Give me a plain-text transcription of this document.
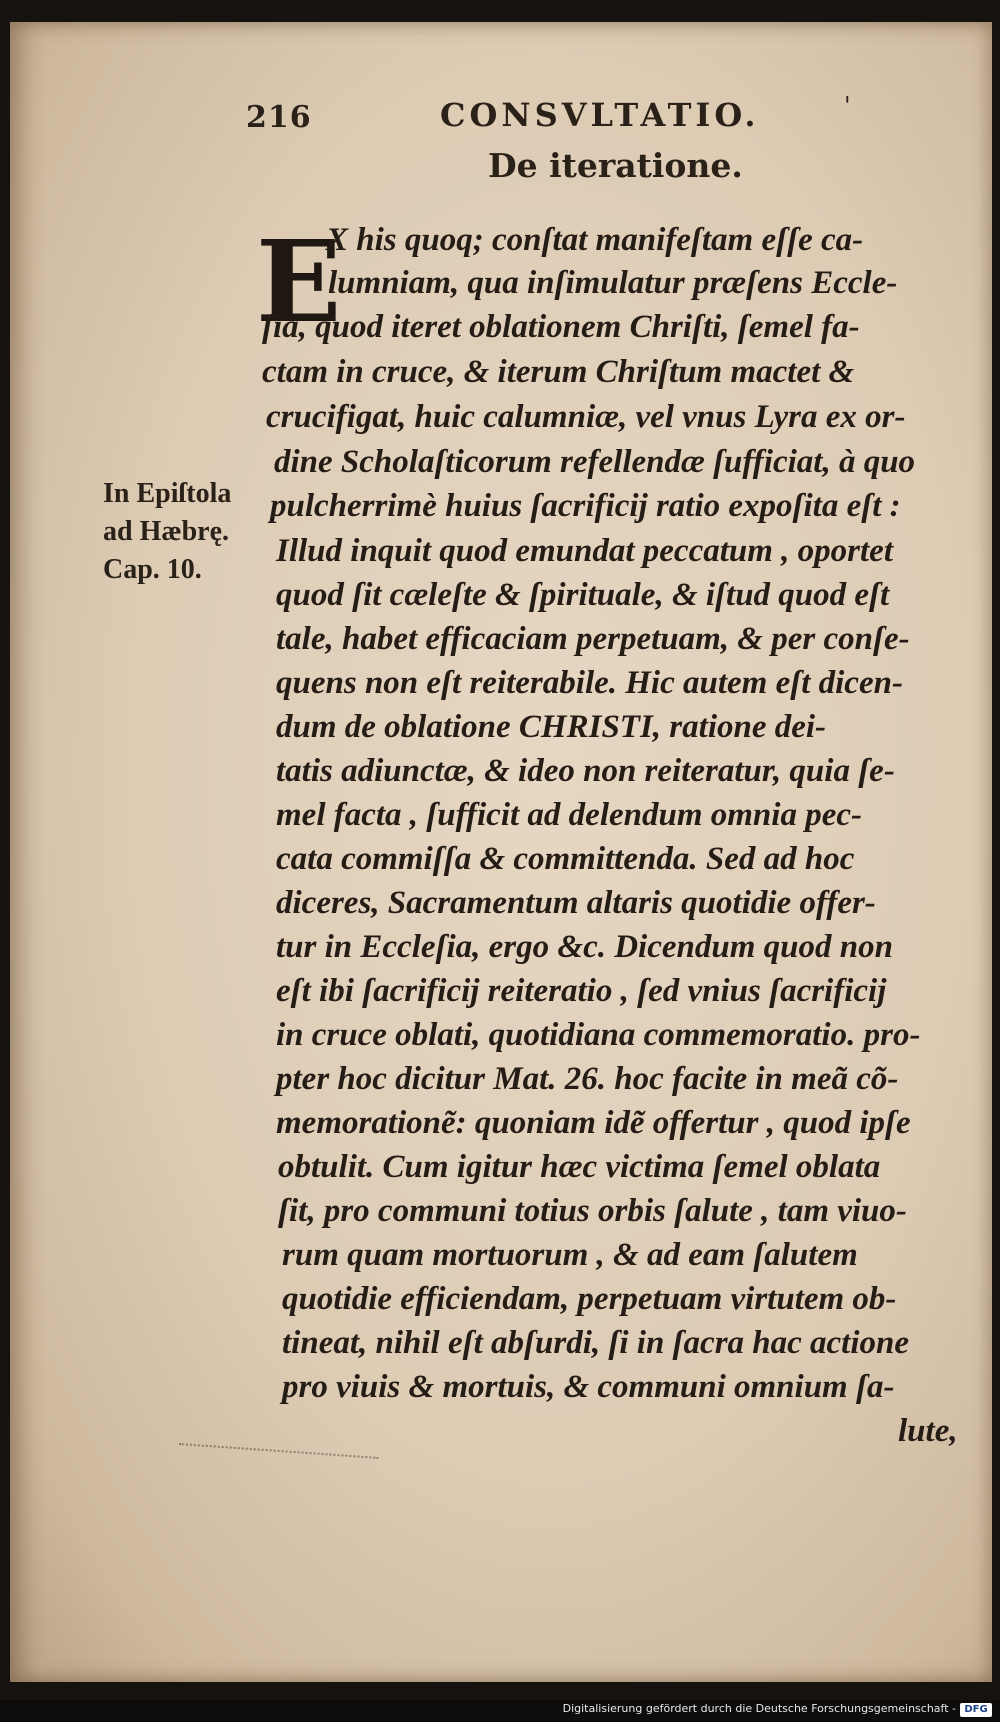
216	CONSVLTATIO.	'
De iteratione.
E
X his quoq; conſtat manifeſtam eſſe ca-
lumniam, qua inſimulatur præſens Eccle-
ſia, quod iteret oblationem Chriſti, ſemel fa-
ctam in cruce, & iterum Chriſtum mactet &
crucifigat, huic calumniæ, vel vnus Lyra ex or-
dine Scholaſticorum refellendæ ſufficiat, à quo
pulcherrimè huius ſacrificij ratio expoſita eſt :
Illud inquit quod emundat peccatum , oportet
quod ſit cæleſte & ſpirituale, & iſtud quod eſt
tale, habet efficaciam perpetuam, & per conſe-
quens non eſt reiterabile. Hic autem eſt dicen-
dum de oblatione CHRISTI, ratione dei-
tatis adiunctæ, & ideo non reiteratur, quia ſe-
mel facta , ſufficit ad delendum omnia pec-
cata commiſſa & committenda. Sed ad hoc
diceres, Sacramentum altaris quotidie offer-
tur in Eccleſia, ergo &c. Dicendum quod non
eſt ibi ſacrificij reiteratio , ſed vnius ſacrificij
in cruce oblati, quotidiana commemoratio. pro-
pter hoc dicitur Mat. 26. hoc facite in meã cõ-
memorationẽ: quoniam idẽ offertur , quod ipſe
obtulit. Cum igitur hæc victima ſemel oblata
ſit, pro communi totius orbis ſalute , tam viuo-
rum quam mortuorum , & ad eam ſalutem
quotidie efficiendam, perpetuam virtutem ob-
tineat, nihil eſt abſurdi, ſi in ſacra hac actione
pro viuis & mortuis, & communi omnium ſa-
lute,
In Epiſtola
ad Hæbrę.
Cap. 10.
Digitalisierung gefördert durch die Deutsche Forschungsgemeinschaft - DFG
